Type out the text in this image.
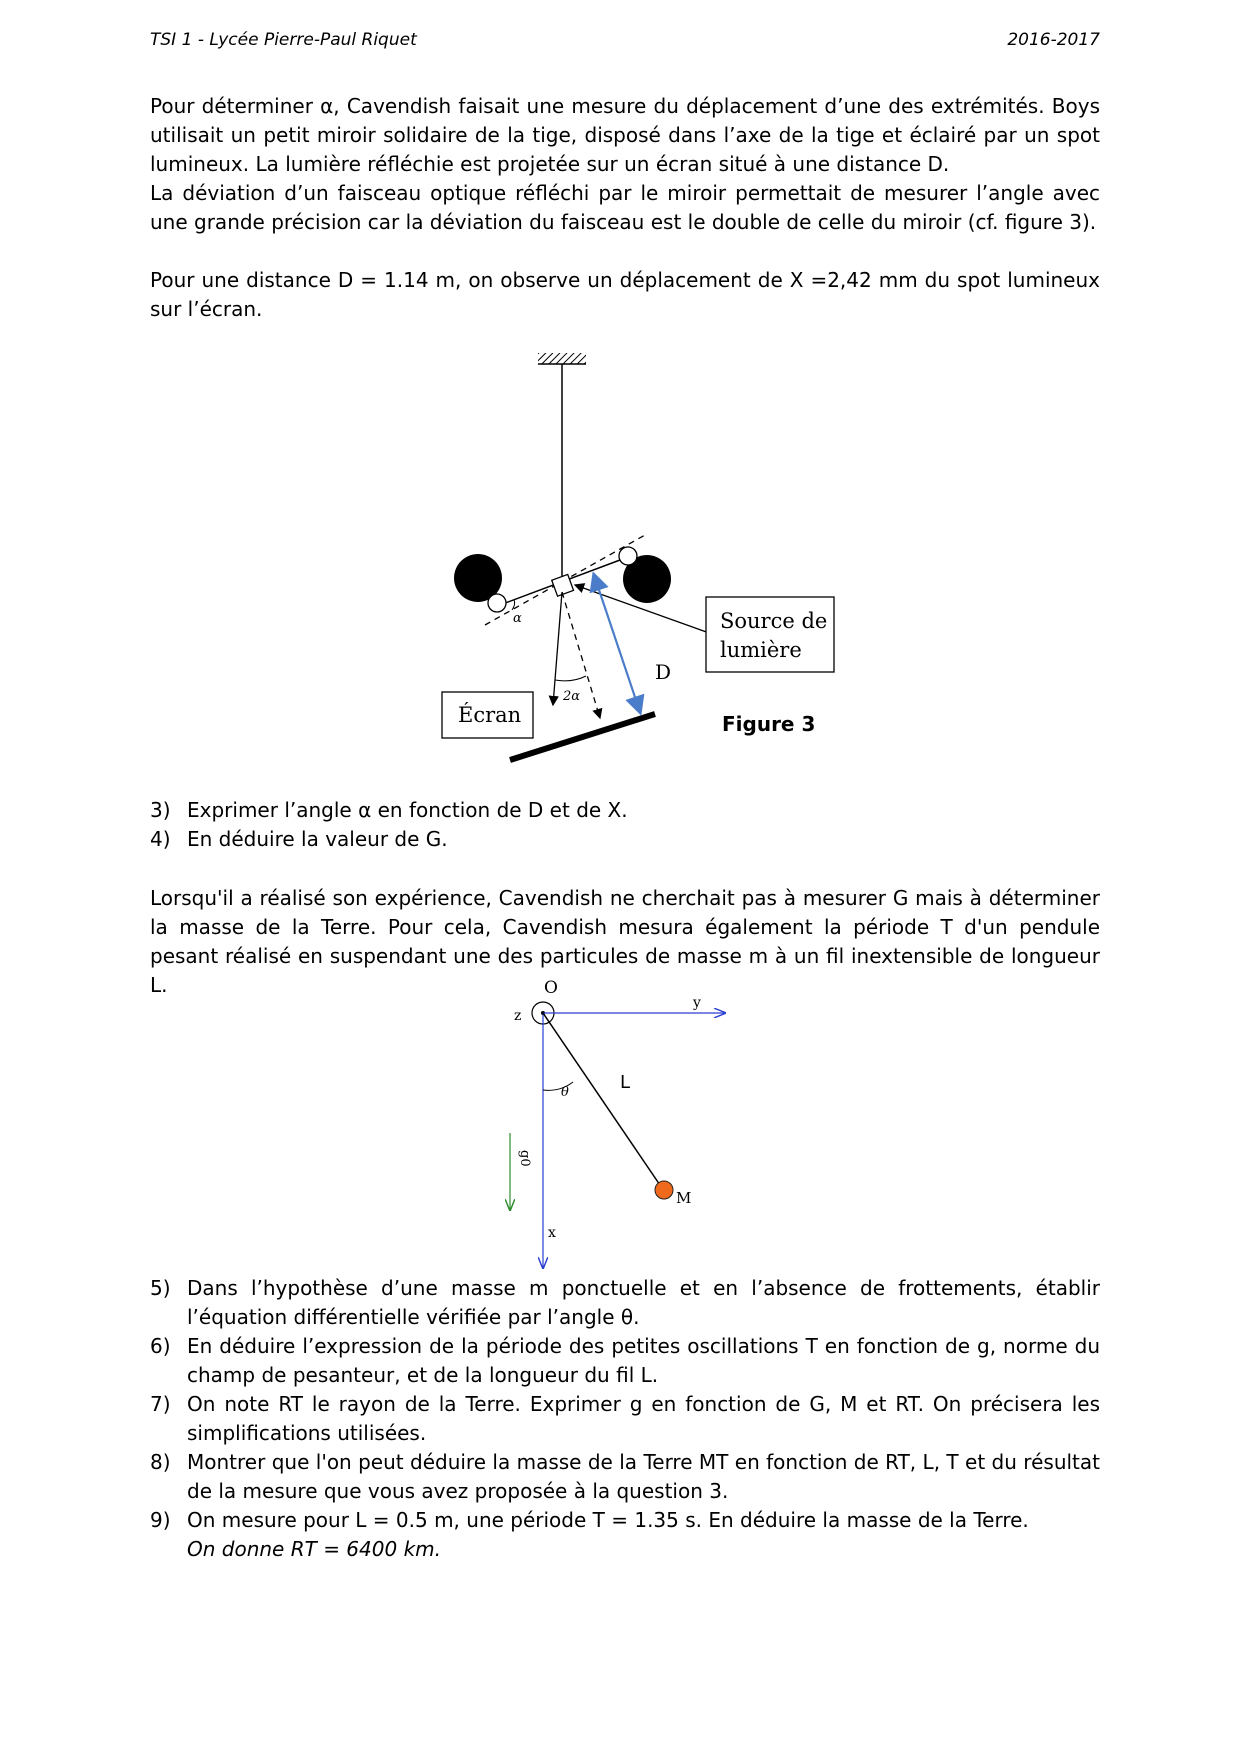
TSI 1 - Lycée Pierre-Paul Riquet	2016-2017
Pour déterminer α, Cavendish faisait une mesure du déplacement d’une des extrémités. Boys utilisait un petit miroir solidaire de la tige, disposé dans l’axe de la tige et éclairé par un spot lumineux. La lumière réfléchie est projetée sur un écran situé à une distance D.
La déviation d’un faisceau optique réfléchi par le miroir permettait de mesurer l’angle avec une grande précision car la déviation du faisceau est le double de celle du miroir (cf. figure 3).
Pour une distance D = 1.14 m, on observe un déplacement de X =2,42 mm du spot lumineux sur l’écran.
α
2α
D
Source de
lumière
Écran	Figure 3
3) Exprimer l’angle α en fonction de D et de X.
4) En déduire la valeur de G.
Lorsqu'il a réalisé son expérience, Cavendish ne cherchait pas à mesurer G mais à déterminer la masse de la Terre. Pour cela, Cavendish mesura également la période T d'un pendule pesant réalisé en suspendant une des particules de masse m à un fil inextensible de longueur L.	O
z
y
x
L
θ
M
g0
5) Dans l’hypothèse d’une masse m ponctuelle et en l’absence de frottements, établir l’équation différentielle vérifiée par l’angle θ.
6) En déduire l’expression de la période des petites oscillations T en fonction de g, norme du champ de pesanteur, et de la longueur du fil L.
7) On note RT le rayon de la Terre. Exprimer g en fonction de G, M et RT. On précisera les simplifications utilisées.
8) Montrer que l'on peut déduire la masse de la Terre MT en fonction de RT, L, T et du résultat de la mesure que vous avez proposée à la question 3.
9) On mesure pour L = 0.5 m, une période T = 1.35 s. En déduire la masse de la Terre.
On donne RT = 6400 km.
